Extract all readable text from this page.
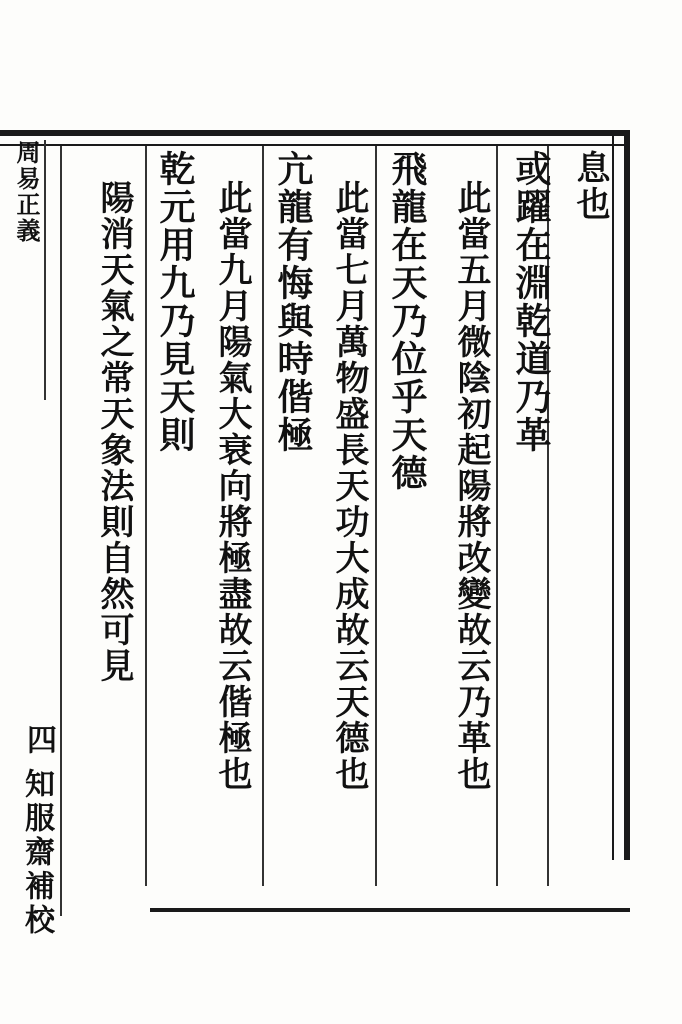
周易正義	息也
或躍在淵乾道乃革
此當五月微陰初起陽將改變故云乃革也
飛龍在天乃位乎天德
此當七月萬物盛長天功大成故云天德也
亢龍有悔與時偕極
此當九月陽氣大衰向將極盡故云偕極也
乾元用九乃見天則
陽消天氣之常天象法則自然可見
四
知服齋補校
